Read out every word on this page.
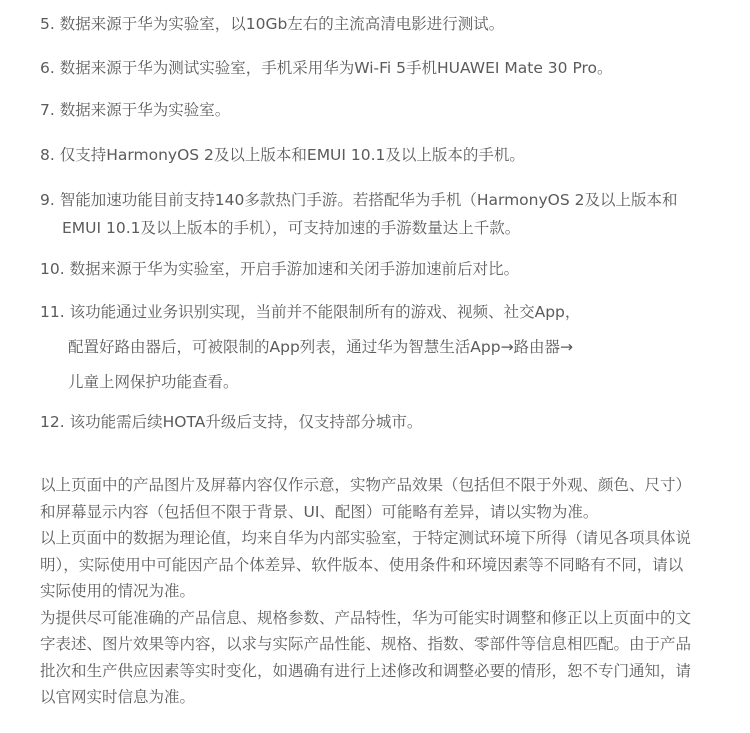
5. 数据来源于华为实验室，以10Gb左右的主流高清电影进行测试。
6. 数据来源于华为测试实验室，手机采用华为Wi-Fi 5手机HUAWEI Mate 30 Pro。
7. 数据来源于华为实验室。
8. 仅支持HarmonyOS 2及以上版本和EMUI 10.1及以上版本的手机。
9. 智能加速功能目前支持140多款热门手游。若搭配华为手机（HarmonyOS 2及以上版本和
EMUI 10.1及以上版本的手机），可支持加速的手游数量达上千款。
10. 数据来源于华为实验室，开启手游加速和关闭手游加速前后对比。
11. 该功能通过业务识别实现，当前并不能限制所有的游戏、视频、社交App，
配置好路由器后，可被限制的App列表，通过华为智慧生活App→路由器→
儿童上网保护功能查看。
12. 该功能需后续HOTA升级后支持，仅支持部分城市。

以上页面中的产品图片及屏幕内容仅作示意，实物产品效果（包括但不限于外观、颜色、尺寸）和屏幕显示内容（包括但不限于背景、UI、配图）可能略有差异，请以实物为准。

以上页面中的数据为理论值，均来自华为内部实验室，于特定测试环境下所得（请见各项具体说明），实际使用中可能因产品个体差异、软件版本、使用条件和环境因素等不同略有不同，请以实际使用的情况为准。

为提供尽可能准确的产品信息、规格参数、产品特性，华为可能实时调整和修正以上页面中的文字表述、图片效果等内容，以求与实际产品性能、规格、指数、零部件等信息相匹配。由于产品批次和生产供应因素等实时变化，如遇确有进行上述修改和调整必要的情形，恕不专门通知，请以官网实时信息为准。
